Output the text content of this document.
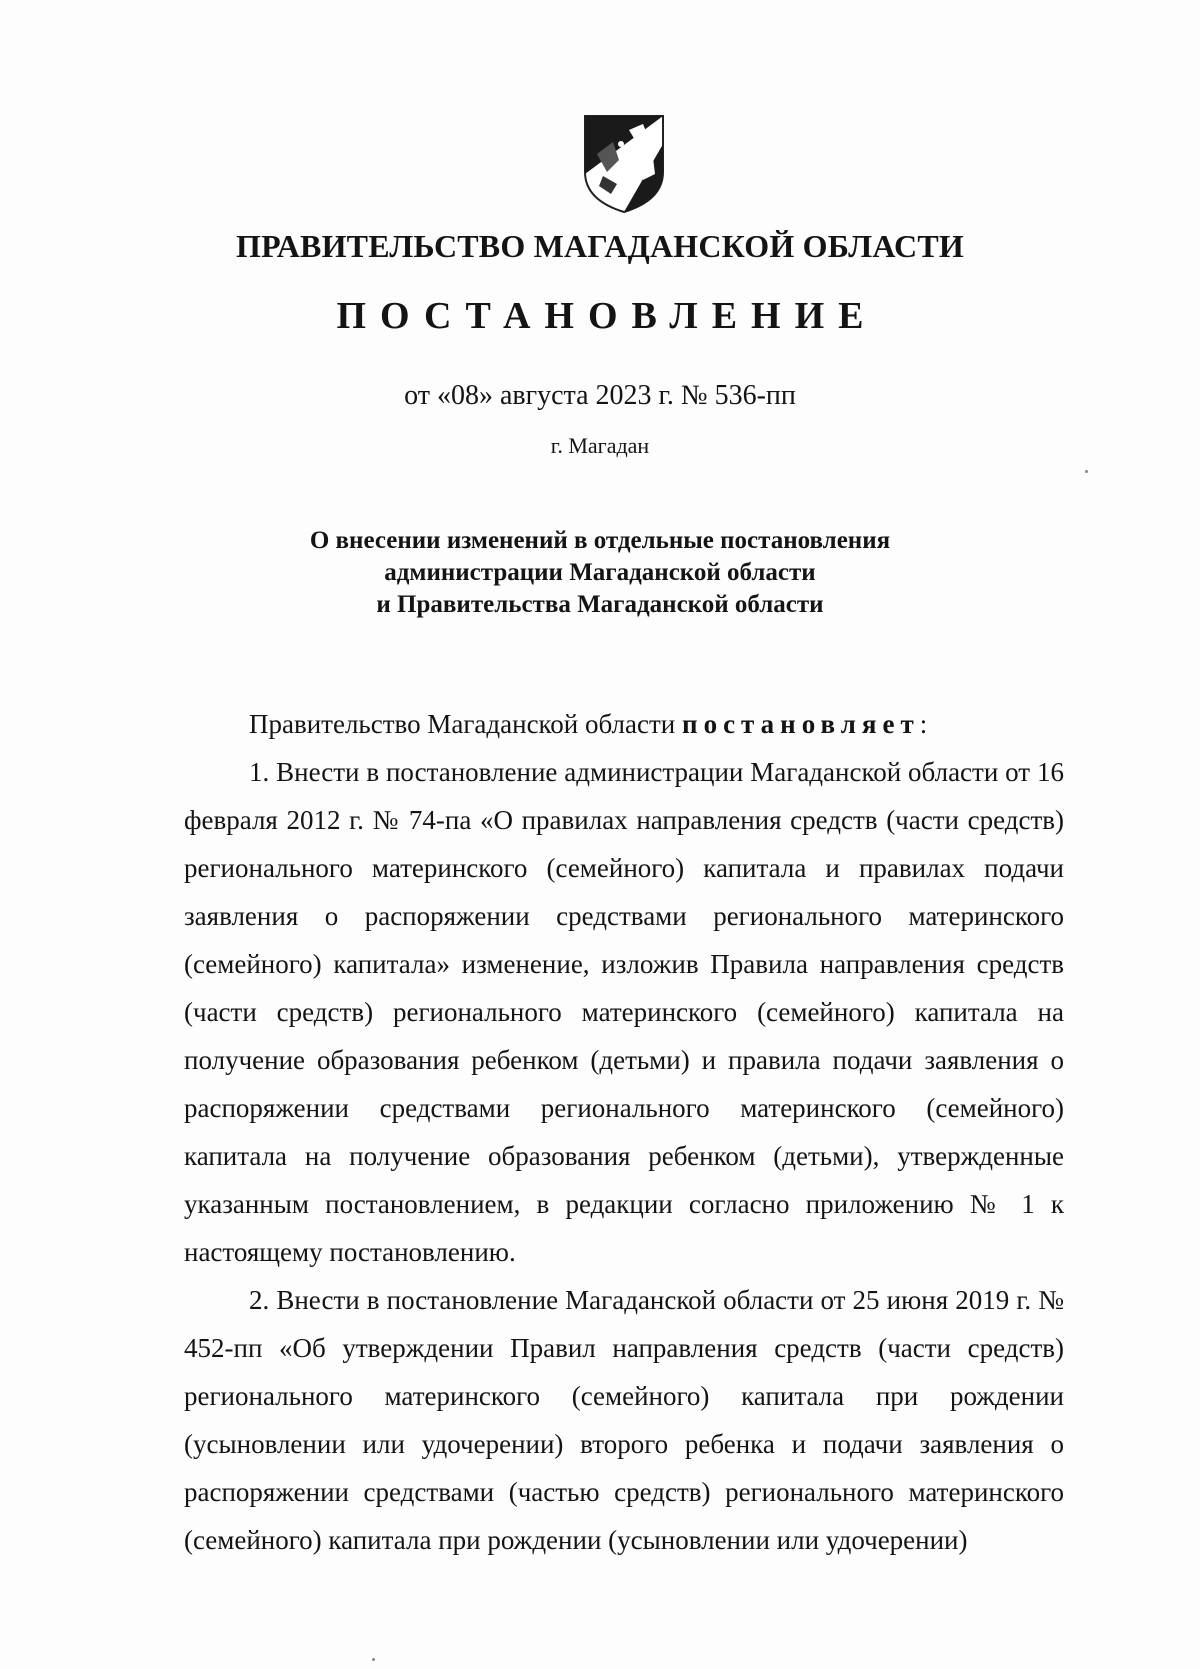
ПРАВИТЕЛЬСТВО МАГАДАНСКОЙ ОБЛАСТИ
ПОСТАНОВЛЕНИЕ
от «08» августа 2023 г. № 536-пп
г. Магадан
О внесении изменений в отдельные постановления
администрации Магаданской области
и Правительства Магаданской области

Правительство Магаданской области постановляет:

1. Внести в постановление администрации Магаданской области от 16 февраля 2012 г. № 74-па «О правилах направления средств (части средств) регионального материнского (семейного) капитала и правилах подачи заявления о распоряжении средствами регионального материнского (семейного) капитала» изменение, изложив Правила направления средств (части средств) регионального материнского (семейного) капитала на получение образования ребенком (детьми) и правила подачи заявления о распоряжении средствами регионального материнского (семейного) капитала на получение образования ребенком (детьми), утвержденные указанным постановлением, в редакции согласно приложению № 1 к настоящему постановлению.

2. Внести в постановление Магаданской области от 25 июня 2019 г. № 452-пп «Об утверждении Правил направления средств (части средств) регионального материнского (семейного) капитала при рождении (усыновлении или удочерении) второго ребенка и подачи заявления о распоряжении средствами (частью средств) регионального материнского (семейного) капитала при рождении (усыновлении или удочерении)
